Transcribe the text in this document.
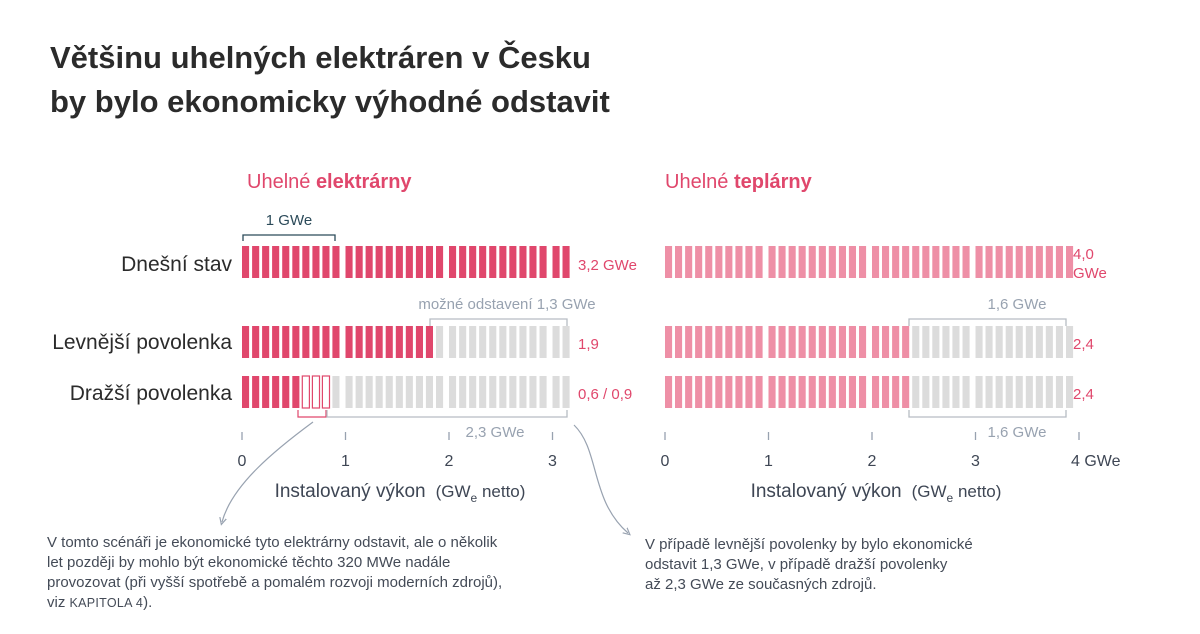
Většinu uhelných elektráren v Česku
by bylo ekonomicky výhodné odstavit
Dnešní stav
Levnější povolenka
Dražší povolenka
Uhelné elektrárny
1 GWe
možné odstavení 1,3 GWe
2,3 GWe
3,2 GWe
1,9
0,6 / 0,9
0	1	2	3
Instalovaný výkon ($GW_e$ netto)
Uhelné teplárny
1,6 GWe
1,6 GWe
4,0
GWe
2,4
2,4
0	1	2	3	4 GWe
Instalovaný výkon ($GW_e$ netto)

V tomto scénáři je ekonomické tyto elektrárny odstavit, ale o několik
let později by mohlo být ekonomické těchto 320 MWe nadále
provozovat (při vyšší spotřebě a pomalém rozvoji moderních zdrojů),
viz KAPITOLA 4).

V případě levnější povolenky by bylo ekonomické
odstavit 1,3 GWe, v případě dražší povolenky
až 2,3 GWe ze současných zdrojů.
